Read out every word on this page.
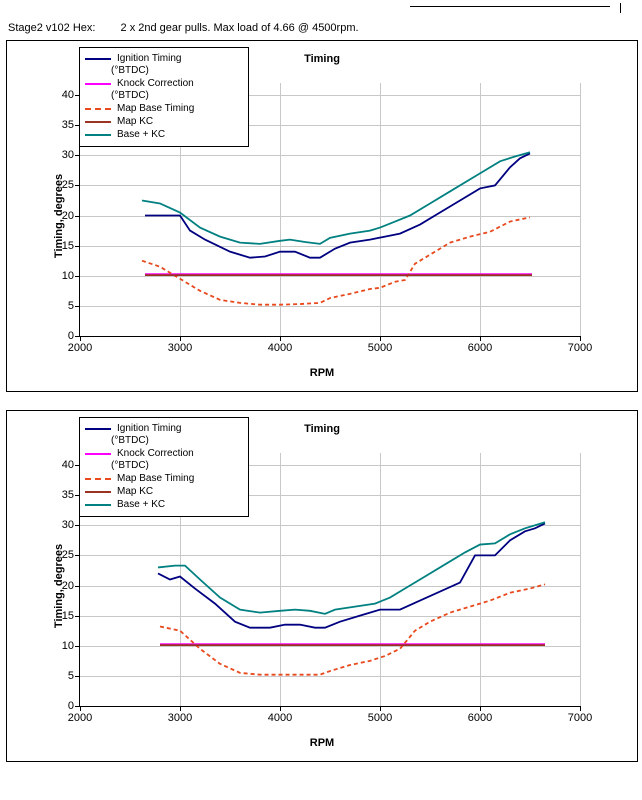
Stage2 v102 Hex: 2 x 2nd gear pulls. Max load of 4.66 @ 4500rpm.
Timing
Timing, degrees
RPM
0
5
10
15
20
25
30
35
40
2000	3000	4000	5000	6000	7000
Ignition Timing
(°BTDC)
Knock Correction
(°BTDC)
Map Base Timing
Map KC
Base + KC
Timing
Timing, degrees
RPM
0
5
10
15
20
25
30
35
40
2000	3000	4000	5000	6000	7000
Ignition Timing
(°BTDC)
Knock Correction
(°BTDC)
Map Base Timing
Map KC
Base + KC
